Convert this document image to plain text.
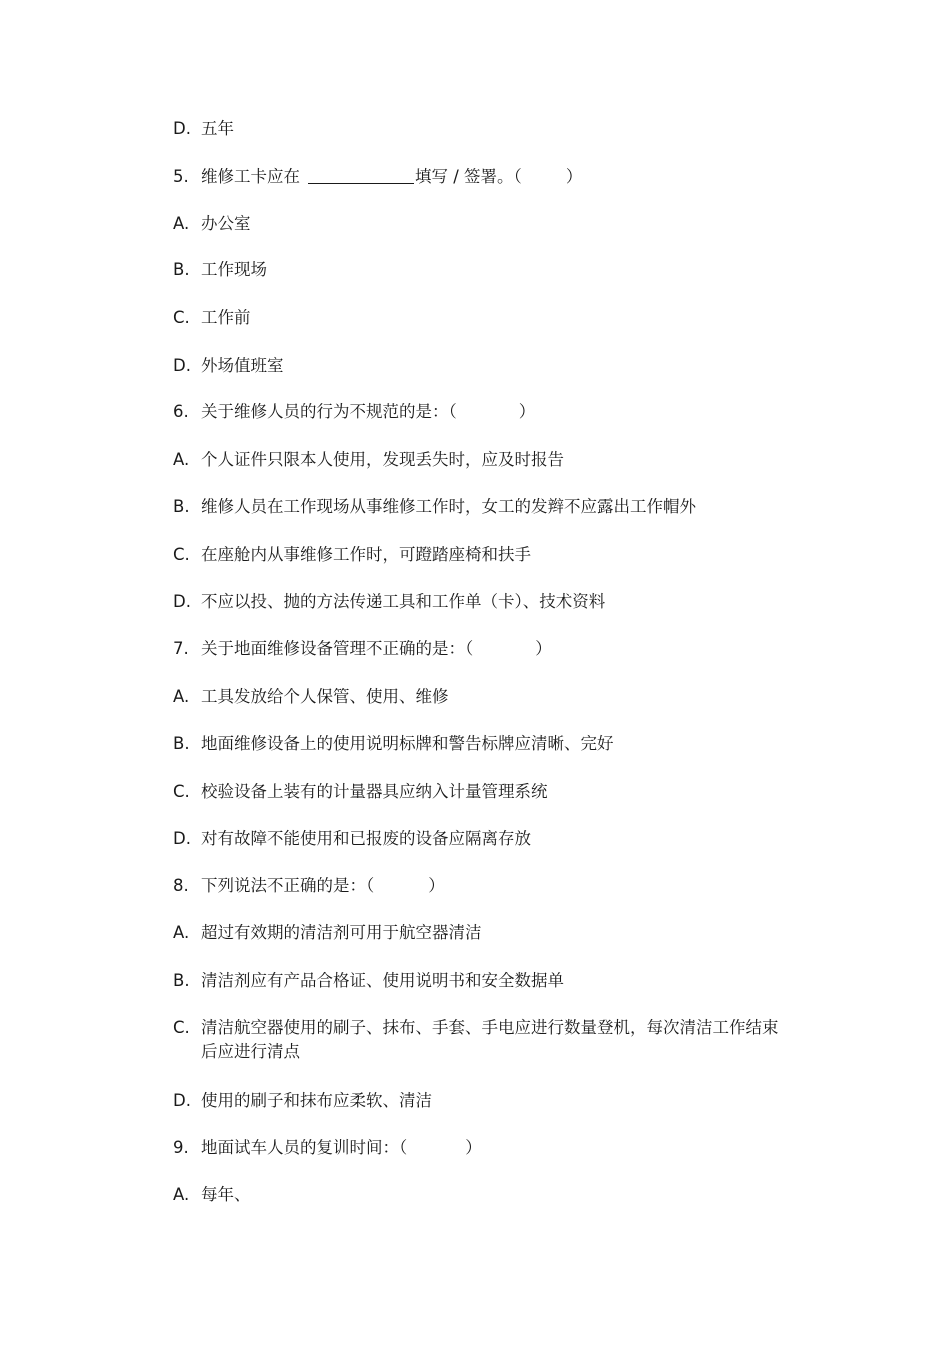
D. 五年
5. 维修工卡应在	填写 / 签署。（	）
A. 办公室
B. 工作现场
C. 工作前
D. 外场值班室
6. 关于维修人员的行为不规范的是：（	）
A. 个人证件只限本人使用，发现丢失时，应及时报告
B. 维修人员在工作现场从事维修工作时，女工的发辫不应露出工作帽外
C. 在座舱内从事维修工作时，可蹬踏座椅和扶手
D. 不应以投、抛的方法传递工具和工作单（卡）、技术资料
7. 关于地面维修设备管理不正确的是：（	）
A. 工具发放给个人保管、使用、维修
B. 地面维修设备上的使用说明标牌和警告标牌应清晰、完好
C. 校验设备上装有的计量器具应纳入计量管理系统
D. 对有故障不能使用和已报废的设备应隔离存放
8. 下列说法不正确的是：（	）
A. 超过有效期的清洁剂可用于航空器清洁
B. 清洁剂应有产品合格证、使用说明书和安全数据单
C. 清洁航空器使用的刷子、抹布、手套、手电应进行数量登机，每次清洁工作结束后应进行清点
D. 使用的刷子和抹布应柔软、清洁
9. 地面试车人员的复训时间：（	）
A. 每年、
